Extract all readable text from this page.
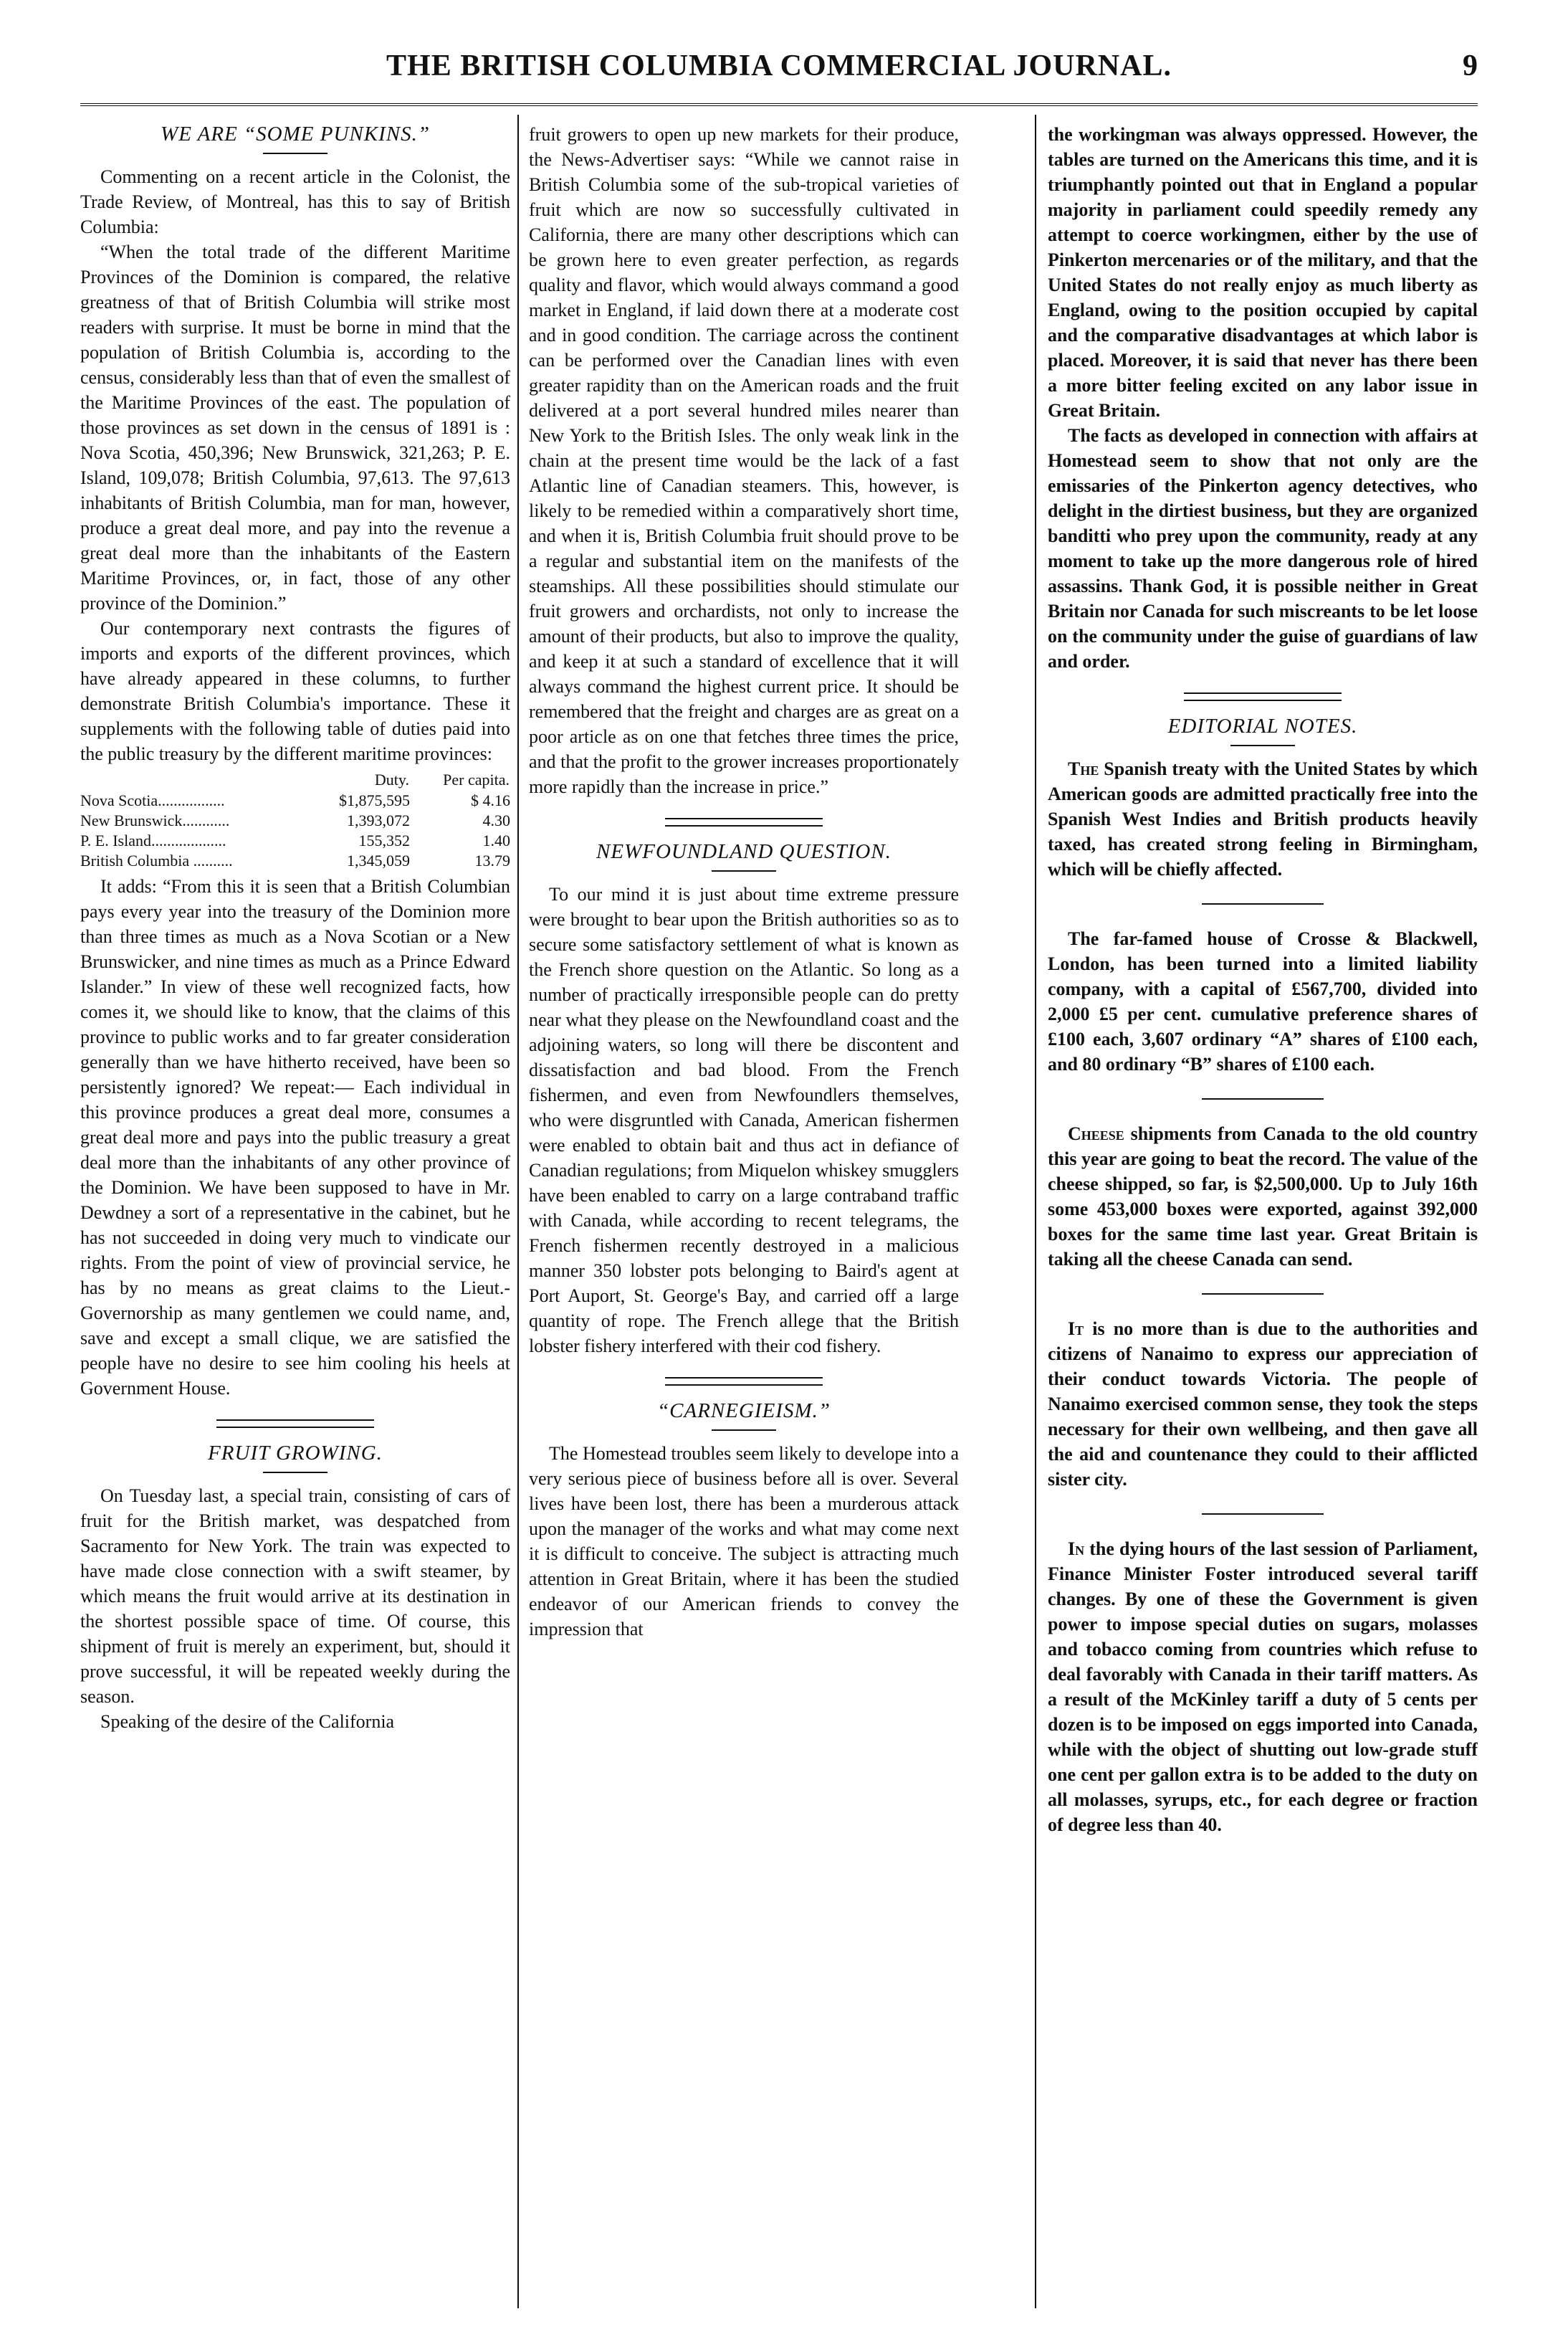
THE BRITISH COLUMBIA COMMERCIAL JOURNAL.	9
WE ARE “SOME PUNKINS.”

Commenting on a recent article in the Colonist, the Trade Review, of Montreal, has this to say of British Columbia:

“When the total trade of the different Maritime Provinces of the Dominion is compared, the relative greatness of that of British Columbia will strike most readers with surprise. It must be borne in mind that the population of British Columbia is, according to the census, considerably less than that of even the smallest of the Maritime Provinces of the east. The population of those provinces as set down in the census of 1891 is : Nova Scotia, 450,396; New Brunswick, 321,263; P. E. Island, 109,078; British Columbia, 97,613. The 97,613 inhabitants of British Columbia, man for man, however, produce a great deal more, and pay into the revenue a great deal more than the inhabitants of the Eastern Maritime Provinces, or, in fact, those of any other province of the Dominion.”

Our contemporary next contrasts the figures of imports and exports of the different provinces, which have already appeared in these columns, to further demonstrate British Columbia's importance. These it supplements with the following table of duties paid into the public treasury by the different maritime provinces:

	Duty.	Per capita.
Nova Scotia.................	$1,875,595	$ 4.16
New Brunswick............	1,393,072	4.30
P. E. Island...................	155,352	1.40
British Columbia ..........	1,345,059	13.79

It adds: “From this it is seen that a British Columbian pays every year into the treasury of the Dominion more than three times as much as a Nova Scotian or a New Brunswicker, and nine times as much as a Prince Edward Islander.” In view of these well recognized facts, how comes it, we should like to know, that the claims of this province to public works and to far greater consideration generally than we have hitherto received, have been so persistently ignored? We repeat:— Each individual in this province produces a great deal more, consumes a great deal more and pays into the public treasury a great deal more than the inhabitants of any other province of the Dominion. We have been supposed to have in Mr. Dewdney a sort of a representative in the cabinet, but he has not succeeded in doing very much to vindicate our rights. From the point of view of provincial service, he has by no means as great claims to the Lieut.-Governorship as many gentlemen we could name, and, save and except a small clique, we are satisfied the people have no desire to see him cooling his heels at Government House.

FRUIT GROWING.

On Tuesday last, a special train, consisting of cars of fruit for the British market, was despatched from Sacramento for New York. The train was expected to have made close connection with a swift steamer, by which means the fruit would arrive at its destination in the shortest possible space of time. Of course, this shipment of fruit is merely an experiment, but, should it prove successful, it will be repeated weekly during the season.

Speaking of the desire of the California

fruit growers to open up new markets for their produce, the News-Advertiser says: “While we cannot raise in British Columbia some of the sub-tropical varieties of fruit which are now so successfully cultivated in California, there are many other descriptions which can be grown here to even greater perfection, as regards quality and flavor, which would always command a good market in England, if laid down there at a moderate cost and in good condition. The carriage across the continent can be performed over the Canadian lines with even greater rapidity than on the American roads and the fruit delivered at a port several hundred miles nearer than New York to the British Isles. The only weak link in the chain at the present time would be the lack of a fast Atlantic line of Canadian steamers. This, however, is likely to be remedied within a comparatively short time, and when it is, British Columbia fruit should prove to be a regular and substantial item on the manifests of the steamships. All these possibilities should stimulate our fruit growers and orchardists, not only to increase the amount of their products, but also to improve the quality, and keep it at such a standard of excellence that it will always command the highest current price. It should be remembered that the freight and charges are as great on a poor article as on one that fetches three times the price, and that the profit to the grower increases proportionately more rapidly than the increase in price.”

NEWFOUNDLAND QUESTION.

To our mind it is just about time extreme pressure were brought to bear upon the British authorities so as to secure some satisfactory settlement of what is known as the French shore question on the Atlantic. So long as a number of practically irresponsible people can do pretty near what they please on the Newfoundland coast and the adjoining waters, so long will there be discontent and dissatisfaction and bad blood. From the French fishermen, and even from Newfoundlers themselves, who were disgruntled with Canada, American fishermen were enabled to obtain bait and thus act in defiance of Canadian regulations; from Miquelon whiskey smugglers have been enabled to carry on a large contraband traffic with Canada, while according to recent telegrams, the French fishermen recently destroyed in a malicious manner 350 lobster pots belonging to Baird's agent at Port Auport, St. George's Bay, and carried off a large quantity of rope. The French allege that the British lobster fishery interfered with their cod fishery.

“CARNEGIEISM.”

The Homestead troubles seem likely to develope into a very serious piece of business before all is over. Several lives have been lost, there has been a murderous attack upon the manager of the works and what may come next it is difficult to conceive. The subject is attracting much attention in Great Britain, where it has been the studied endeavor of our American friends to convey the impression that

the workingman was always oppressed. However, the tables are turned on the Americans this time, and it is triumphantly pointed out that in England a popular majority in parliament could speedily remedy any attempt to coerce workingmen, either by the use of Pinkerton mercenaries or of the military, and that the United States do not really enjoy as much liberty as England, owing to the position occupied by capital and the comparative disadvantages at which labor is placed. Moreover, it is said that never has there been a more bitter feeling excited on any labor issue in Great Britain.

The facts as developed in connection with affairs at Homestead seem to show that not only are the emissaries of the Pinkerton agency detectives, who delight in the dirtiest business, but they are organized banditti who prey upon the community, ready at any moment to take up the more dangerous role of hired assassins. Thank God, it is possible neither in Great Britain nor Canada for such miscreants to be let loose on the community under the guise of guardians of law and order.

EDITORIAL NOTES.

The Spanish treaty with the United States by which American goods are admitted practically free into the Spanish West Indies and British products heavily taxed, has created strong feeling in Birmingham, which will be chiefly affected.

The far-famed house of Crosse & Blackwell, London, has been turned into a limited liability company, with a capital of £567,700, divided into 2,000 £5 per cent. cumulative preference shares of £100 each, 3,607 ordinary “A” shares of £100 each, and 80 ordinary “B” shares of £100 each.

Cheese shipments from Canada to the old country this year are going to beat the record. The value of the cheese shipped, so far, is $2,500,000. Up to July 16th some 453,000 boxes were exported, against 392,000 boxes for the same time last year. Great Britain is taking all the cheese Canada can send.

It is no more than is due to the authorities and citizens of Nanaimo to express our appreciation of their conduct towards Victoria. The people of Nanaimo exercised common sense, they took the steps necessary for their own wellbeing, and then gave all the aid and countenance they could to their afflicted sister city.

In the dying hours of the last session of Parliament, Finance Minister Foster introduced several tariff changes. By one of these the Government is given power to impose special duties on sugars, molasses and tobacco coming from countries which refuse to deal favorably with Canada in their tariff matters. As a result of the McKinley tariff a duty of 5 cents per dozen is to be imposed on eggs imported into Canada, while with the object of shutting out low-grade stuff one cent per gallon extra is to be added to the duty on all molasses, syrups, etc., for each degree or fraction of degree less than 40.
